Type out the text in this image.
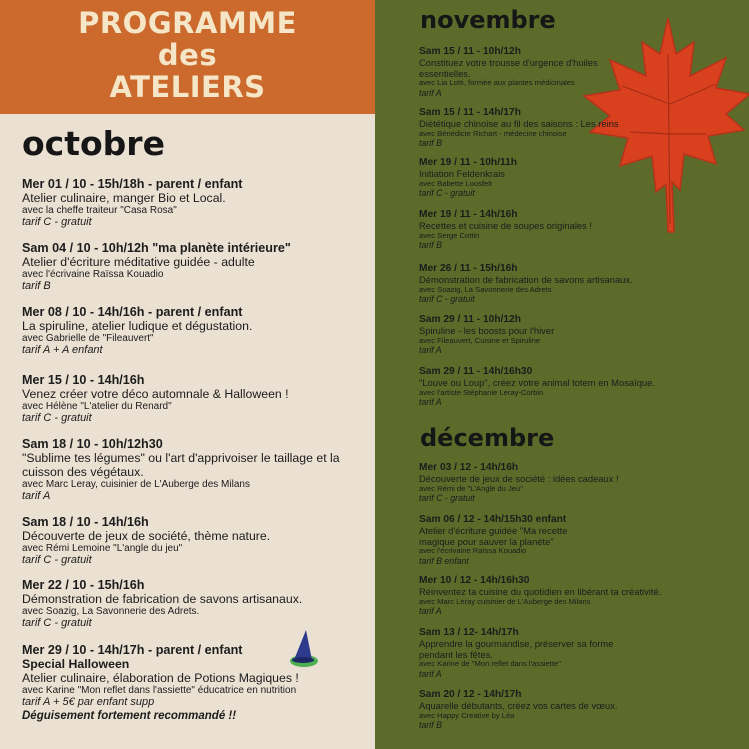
PROGRAMME
des
ATELIERS
octobre
novembre
décembre
Mer 01 / 10 - 15h/18h - parent / enfant
Atelier culinaire, manger Bio et Local.
avec la cheffe traiteur "Casa Rosa"
tarif C - gratuit
Sam 04 / 10 - 10h/12h "ma planète intérieure"
Atelier d'écriture méditative guidée - adulte
avec l'écrivaine Raïssa Kouadio
tarif B
Mer 08 / 10 - 14h/16h - parent / enfant
La spiruline, atelier ludique et dégustation.
avec Gabrielle de "Fileauvert"
tarif A + A enfant
Mer 15 / 10 - 14h/16h
Venez créer votre déco automnale & Halloween !
avec Hélène "L'atelier du Renard"
tarif C - gratuit
Sam 18 / 10 - 10h/12h30
"Sublime tes légumes" ou l'art d'apprivoiser le taillage et la cuisson des végétaux.
avec Marc Leray, cuisinier de L'Auberge des Milans
tarif A
Sam 18 / 10 - 14h/16h
Découverte de jeux de société, thème nature.
avec Rémi Lemoine "L'angle du jeu"
tarif C - gratuit
Mer 22 / 10 - 15h/16h
Démonstration de fabrication de savons artisanaux.
avec Soazig, La Savonnerie des Adrets.
tarif C - gratuit
Mer 29 / 10 - 14h/17h - parent / enfant
Special Halloween
Atelier culinaire, élaboration de Potions Magiques !
avec Karine "Mon reflet dans l'assiette" éducatrice en nutrition
tarif A + 5€ par enfant supp
Déguisement fortement recommandé !!
Sam 15 / 11 - 10h/12h
Constituez votre trousse d'urgence d'huiles essentielles.
avec Lia Lotti, formée aux plantes médicinales
tarif A
Sam 15 / 11 - 14h/17h
Diététique chinoise au fil des saisons : Les reins
avec Bénédicte Richart - médecine chinoise
tarif B
Mer 19 / 11 - 10h/11h
Initiation Feldenkrais
avec Babette Loosfelt
tarif C - gratuit
Mer 19 / 11 - 14h/16h
Recettes et cuisine de soupes originales !
avec Serge Cottin
tarif B
Mer 26 / 11 - 15h/16h
Démonstration de fabrication de savons artisanaux.
avec Soazig, La Savonnerie des Adrets
tarif C - gratuit
Sam 29 / 11 - 10h/12h
Spiruline - les boosts pour l'hiver
avec Fileauvert, Cuisine et Spiruline
tarif A
Sam 29 / 11 - 14h/16h30
"Louve ou Loup", créez votre animal totem en Mosaïque.
avec l'artiste Stéphanie Leray-Corbin
tarif A
Mer 03 / 12 - 14h/16h
Découverte de jeux de société : idées cadeaux !
avec Rémi de "L'Angle du Jeu"
tarif C - gratuit
Sam 06 / 12 - 14h/15h30 enfant
Atelier d'écriture guidée "Ma recette magique pour sauver la planète"
avec l'écrivaine Raïssa Kouadio
tarif B enfant
Mer 10 / 12 - 14h/16h30
Réinventez ta cuisine du quotidien en libérant ta créativité.
avec Marc Leray cuisinier de L'Auberge des Milans
tarif A
Sam 13 / 12- 14h/17h
Apprendre la gourmandise, préserver sa forme pendant les fêtes.
avec Karine de "Mon reflet dans l'assiette"
tarif A
Sam 20 / 12 - 14h/17h
Aquarelle débutants, créez vos cartes de vœux.
avec Happy Creative by Léa
tarif B
